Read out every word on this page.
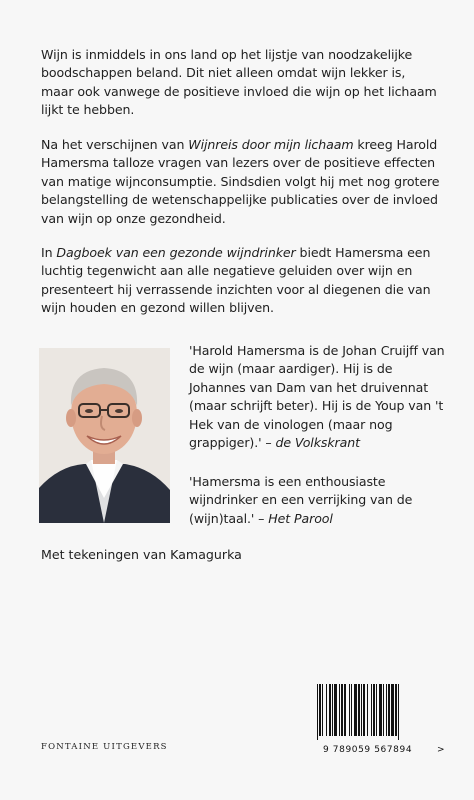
Wijn is inmiddels in ons land op het lijstje van noodzakelijke boodschappen beland. Dit niet alleen omdat wijn lekker is, maar ook vanwege de positieve invloed die wijn op het lichaam lijkt te hebben.

Na het verschijnen van Wijnreis door mijn lichaam kreeg Harold Hamersma talloze vragen van lezers over de positieve effecten van matige wijnconsumptie. Sindsdien volgt hij met nog grotere belangstelling de wetenschappelijke publicaties over de invloed van wijn op onze gezondheid.

In Dagboek van een gezonde wijndrinker biedt Hamersma een luchtig tegenwicht aan alle negatieve geluiden over wijn en presenteert hij verrassende inzichten voor al diegenen die van wijn houden en gezond willen blijven.

'Harold Hamersma is de Johan Cruijff van de wijn (maar aardiger). Hij is de Johannes van Dam van het druivennat (maar schrijft beter). Hij is de Youp van 't Hek van de vinologen (maar nog grappiger).' – de Volkskrant

'Hamersma is een enthousiaste wijndrinker en een verrijking van de (wijn)taal.' – Het Parool

Met tekeningen van Kamagurka

FONTAINE UITGEVERS	9 789059 567894	>
